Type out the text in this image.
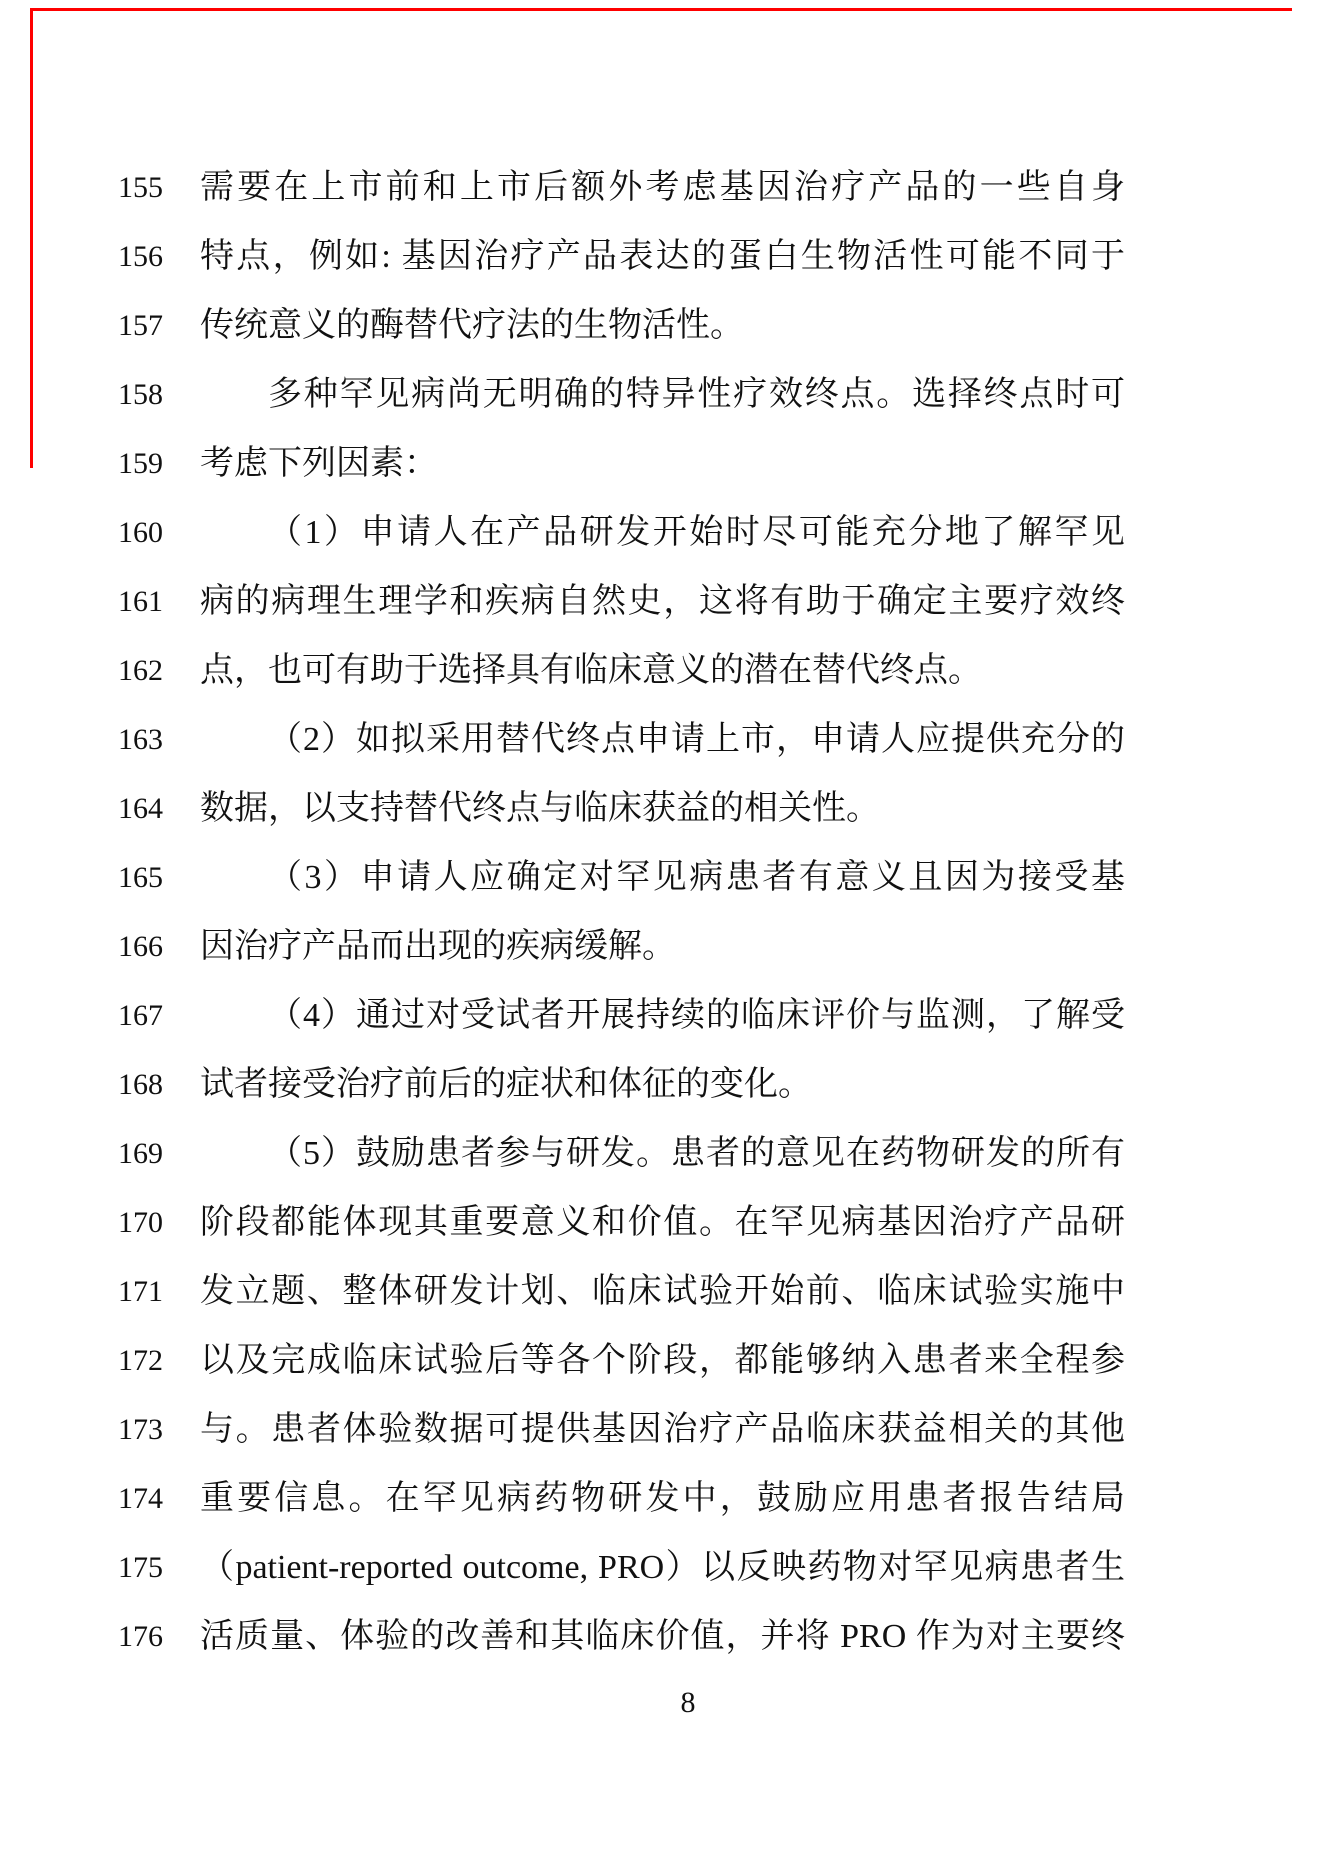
155	需要在上市前和上市后额外考虑基因治疗产品的一些自身
156	特点，例如: 基因治疗产品表达的蛋白生物活性可能不同于
157	传统意义的酶替代疗法的生物活性。
158	多种罕见病尚无明确的特异性疗效终点。选择终点时可
159	考虑下列因素：
160	（1）申请人在产品研发开始时尽可能充分地了解罕见
161	病的病理生理学和疾病自然史，这将有助于确定主要疗效终
162	点，也可有助于选择具有临床意义的潜在替代终点。
163	（2）如拟采用替代终点申请上市，申请人应提供充分的
164	数据，以支持替代终点与临床获益的相关性。
165	（3）申请人应确定对罕见病患者有意义且因为接受基
166	因治疗产品而出现的疾病缓解。
167	（4）通过对受试者开展持续的临床评价与监测，了解受
168	试者接受治疗前后的症状和体征的变化。
169	（5）鼓励患者参与研发。患者的意见在药物研发的所有
170	阶段都能体现其重要意义和价值。在罕见病基因治疗产品研
171	发立题、整体研发计划、临床试验开始前、临床试验实施中
172	以及完成临床试验后等各个阶段，都能够纳入患者来全程参
173	与。患者体验数据可提供基因治疗产品临床获益相关的其他
174	重要信息。在罕见病药物研发中，鼓励应用患者报告结局
175	（patient-reported outcome, PRO）以反映药物对罕见病患者生
176	活质量、体验的改善和其临床价值，并将 PRO 作为对主要终
8
